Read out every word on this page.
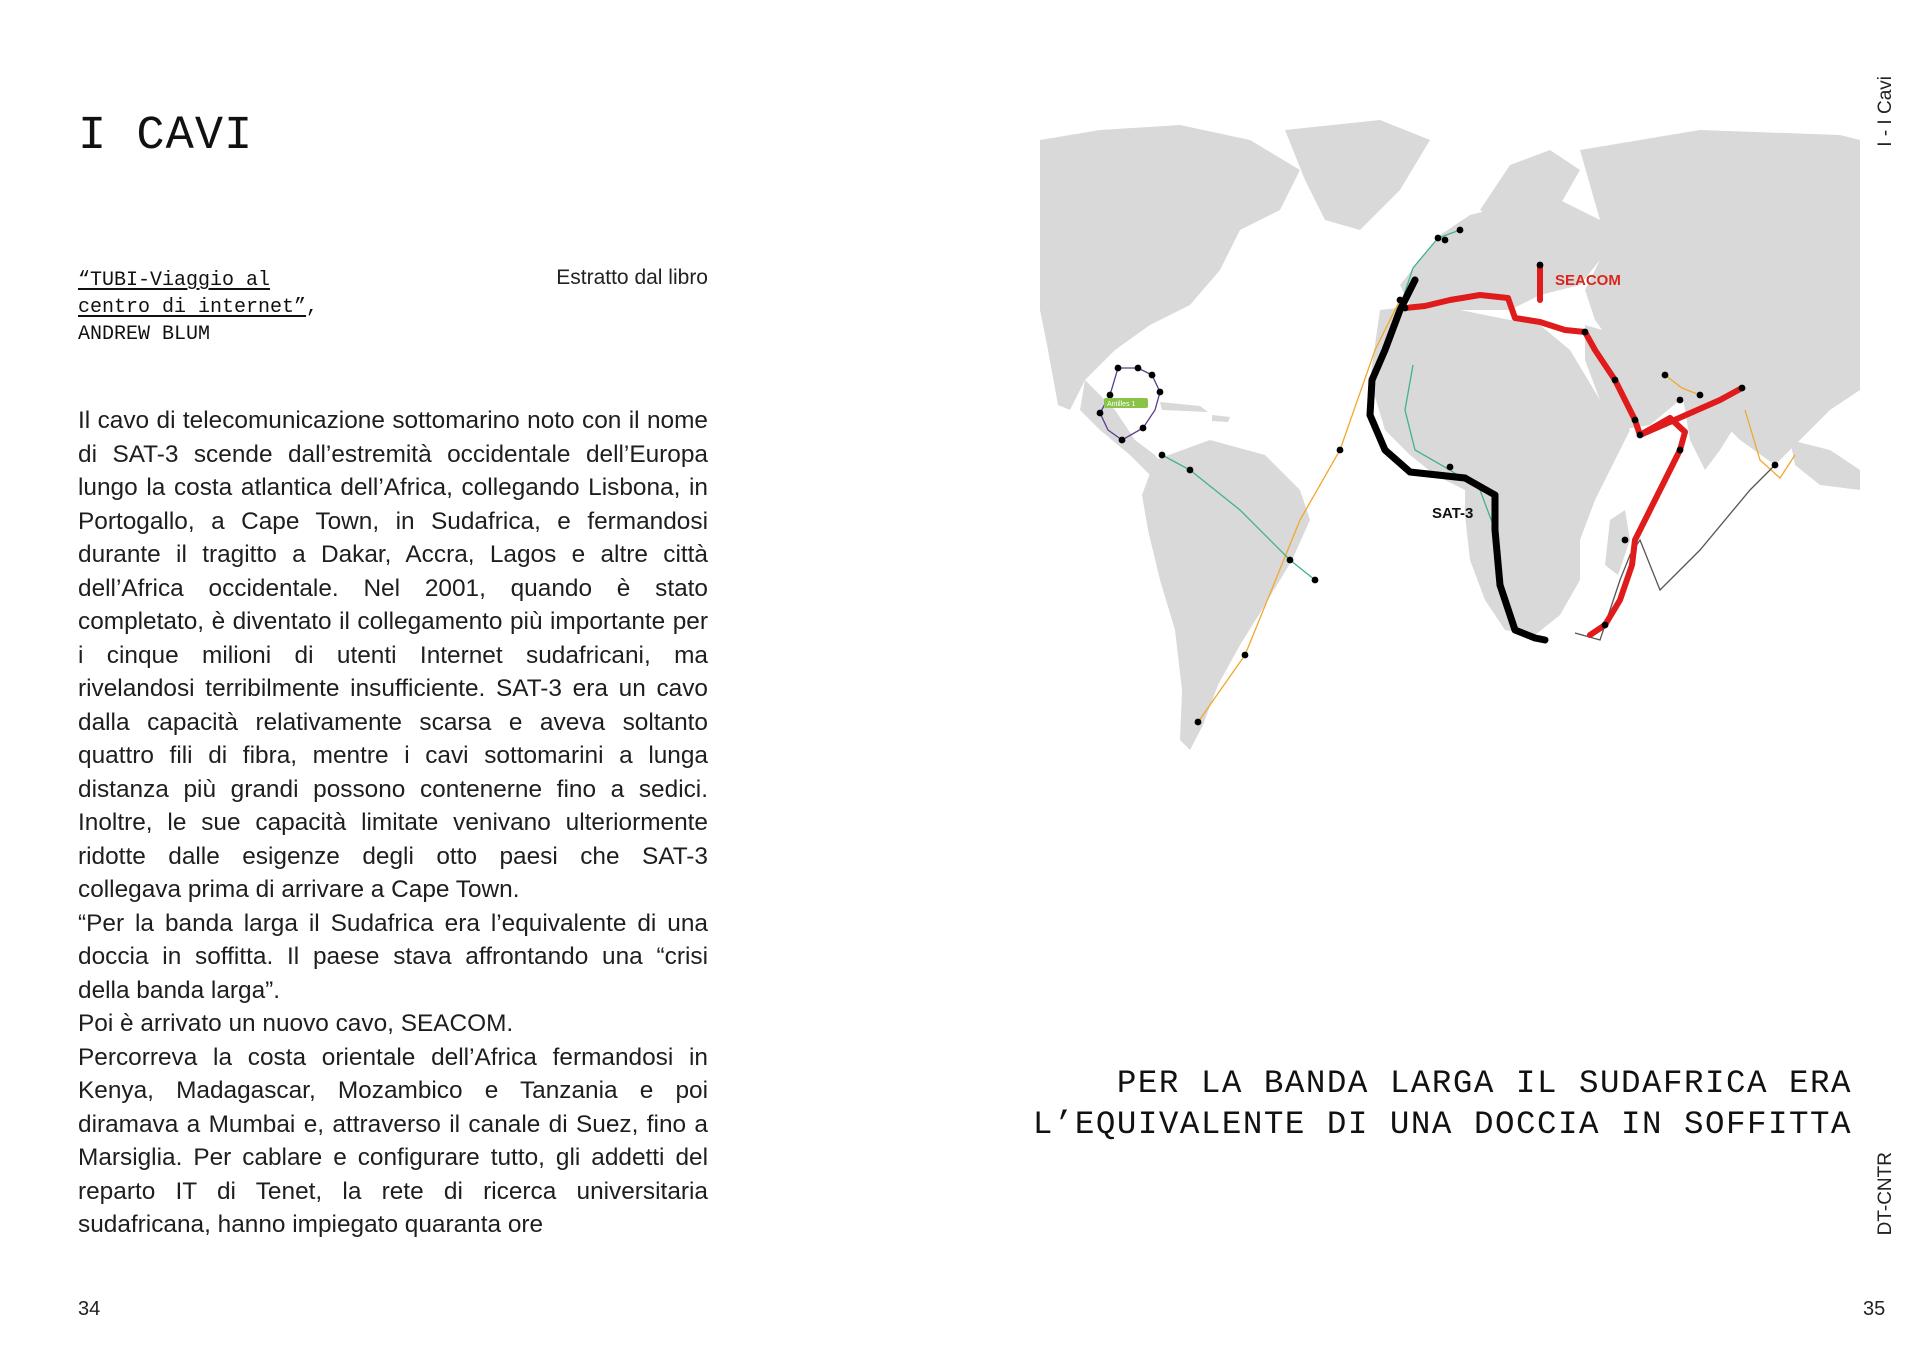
I CAVI
“TUBI-Viaggio al
centro di internet”,
ANDREW BLUM
Estratto dal libro

Il cavo di telecomunicazione sottomarino noto con il nome di SAT-3 scende dall’estremità occidentale dell’Europa lungo la costa atlantica dell’Africa, collegando Lisbona, in Portogallo, a Cape Town, in Sudafrica, e fermandosi durante il tragitto a Dakar, Accra, Lagos e altre città dell’Africa occidentale. Nel 2001, quando è stato completato, è diventato il collegamento più importante per i cinque milioni di utenti Internet sudafricani, ma rivelandosi terribilmente insufficiente. SAT-3 era un cavo dalla capacità relativamente scarsa e aveva soltanto quattro fili di fibra, mentre i cavi sottomarini a lunga distanza più grandi possono contenerne fino a sedici. Inoltre, le sue capacità limitate venivano ulteriormente ridotte dalle esigenze degli otto paesi che SAT-3 collegava prima di arrivare a Cape Town.

“Per la banda larga il Sudafrica era l’equivalente di una doccia in soffitta. Il paese stava affrontando una “crisi della banda larga”.

Poi è arrivato un nuovo cavo, SEACOM.

Percorreva la costa orientale dell’Africa fermandosi in Kenya, Madagascar, Mozambico e Tanzania e poi diramava a Mumbai e, attraverso il canale di Suez, fino a Marsiglia. Per cablare e configurare tutto, gli addetti del reparto IT di Tenet, la rete di ricerca universitaria sudafricana, hanno impiegato quaranta ore

34
SEACOM
SAT-3
Antilles 1
PER LA BANDA LARGA IL SUDAFRICA ERA
L’EQUIVALENTE DI UNA DOCCIA IN SOFFITTA
I - I Cavi
DT-CNTR
35
